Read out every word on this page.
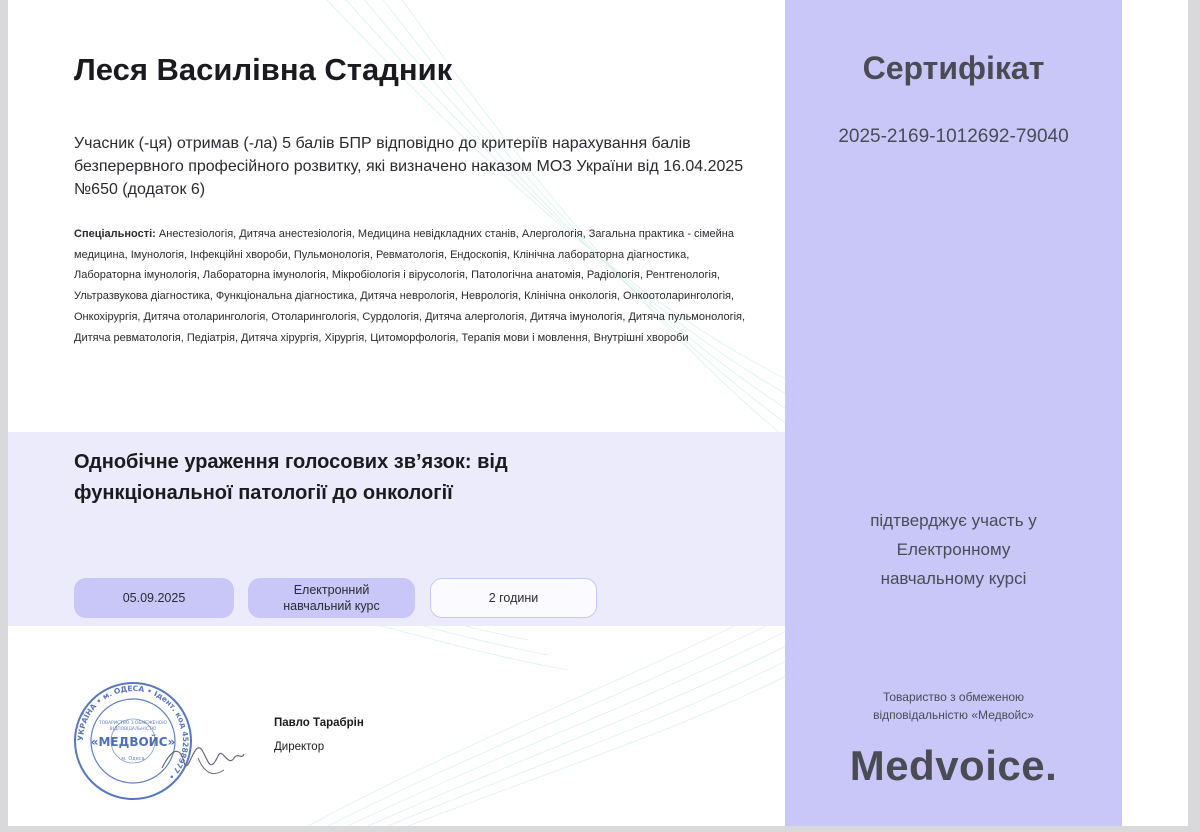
Леся Василівна Стадник

Учасник (-ця) отримав (-ла) 5 балів БПР відповідно до критеріїв нарахування балів безперервного професійного розвитку, які визначено наказом МОЗ України від 16.04.2025 №650 (додаток 6)

Спеціальності: Анестезіологія, Дитяча анестезіологія, Медицина невідкладних станів, Алергологія, Загальна практика - сімейна медицина, Імунологія, Інфекційні хвороби, Пульмонологія, Ревматологія, Ендоскопія, Клінічна лабораторна діагностика, Лабораторна імунологія, Лабораторна імунологія, Мікробіологія і вірусологія, Патологічна анатомія, Радіологія, Рентгенологія, Ультразвукова діагностика, Функціональна діагностика, Дитяча неврологія, Неврологія, Клінічна онкологія, Онкоотоларингологія, Онкохірургія, Дитяча отоларингологія, Отоларингологія, Сурдологія, Дитяча алергологія, Дитяча імунологія, Дитяча пульмонологія, Дитяча ревматологія, Педіатрія, Дитяча хірургія, Хірургія, Цитоморфологія, Терапія мови і мовлення, Внутрішні хвороби

Однобічне ураження голосових зв’язок: від функціональної патології до онкології
05.09.2025
Електронний навчальний курс
2 години
УКРАЇНА • м. ОДЕСА • Ідент. код 45288977 •
ТОВАРИСТВО З ОБМЕЖЕНОЮ
ВІДПОВІДАЛЬНІСТЮ
«МЕДВОЙС»
м. Одеса

Павло Тарабрін

Директор

Сертифікат

2025-2169-1012692-79040

підтверджує участь у Електронному навчальному курсі

Товариство з обмеженою відповідальністю «Медвойс»

Medvoice.
